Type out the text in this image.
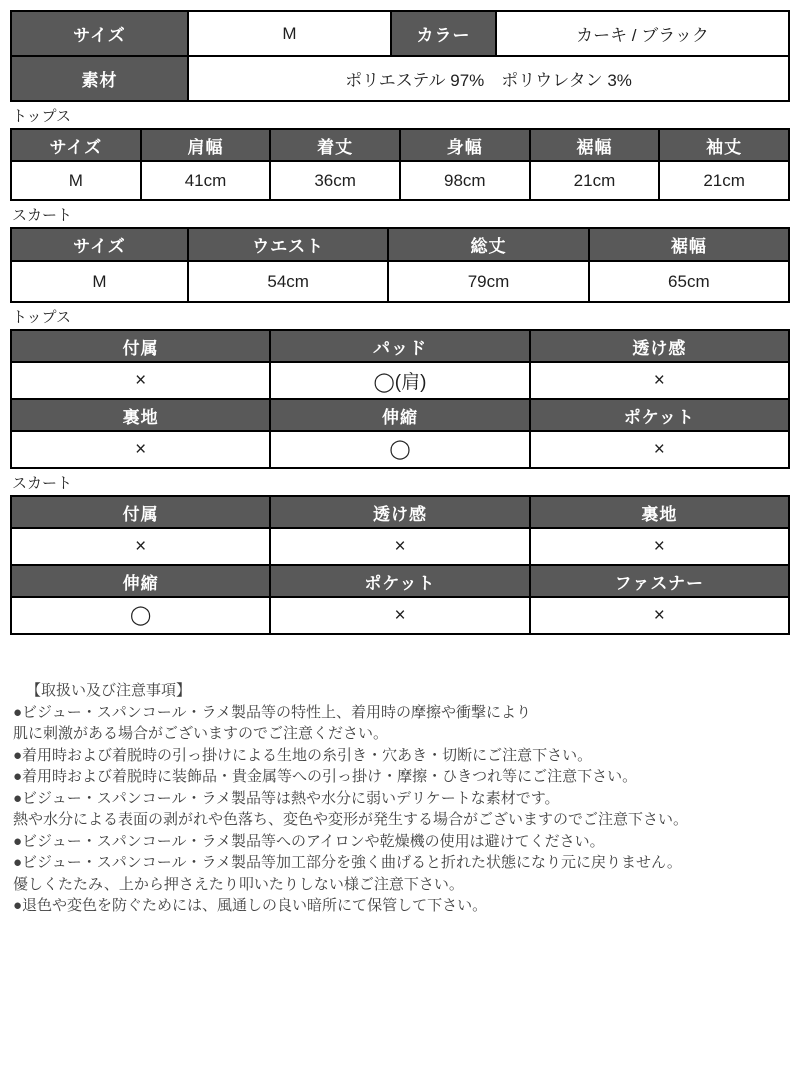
サイズ	M	カラー	カーキ / ブラック
素材	ポリエステル 97%　ポリウレタン 3%		
トップス
サイズ	肩幅	着丈	身幅	裾幅	袖丈
M	41cm	36cm	98cm	21cm	21cm
スカート
サイズ	ウエスト	総丈	裾幅
M	54cm	79cm	65cm
トップス
付属	パッド	透け感
×	◯(肩)	×
裏地	伸縮	ポケット
×	◯	×
スカート
付属	透け感	裏地
×	×	×
伸縮	ポケット	ファスナー
◯	×	×
【取扱い及び注意事項】
●ビジュー・スパンコール・ラメ製品等の特性上、着用時の摩擦や衝撃により
肌に刺激がある場合がございますのでご注意ください。
●着用時および着脱時の引っ掛けによる生地の糸引き・穴あき・切断にご注意下さい。
●着用時および着脱時に装飾品・貴金属等への引っ掛け・摩擦・ひきつれ等にご注意下さい。
●ビジュー・スパンコール・ラメ製品等は熱や水分に弱いデリケートな素材です。
熱や水分による表面の剥がれや色落ち、変色や変形が発生する場合がございますのでご注意下さい。
●ビジュー・スパンコール・ラメ製品等へのアイロンや乾燥機の使用は避けてください。
●ビジュー・スパンコール・ラメ製品等加工部分を強く曲げると折れた状態になり元に戻りません。
優しくたたみ、上から押さえたり叩いたりしない様ご注意下さい。
●退色や変色を防ぐためには、風通しの良い暗所にて保管して下さい。
